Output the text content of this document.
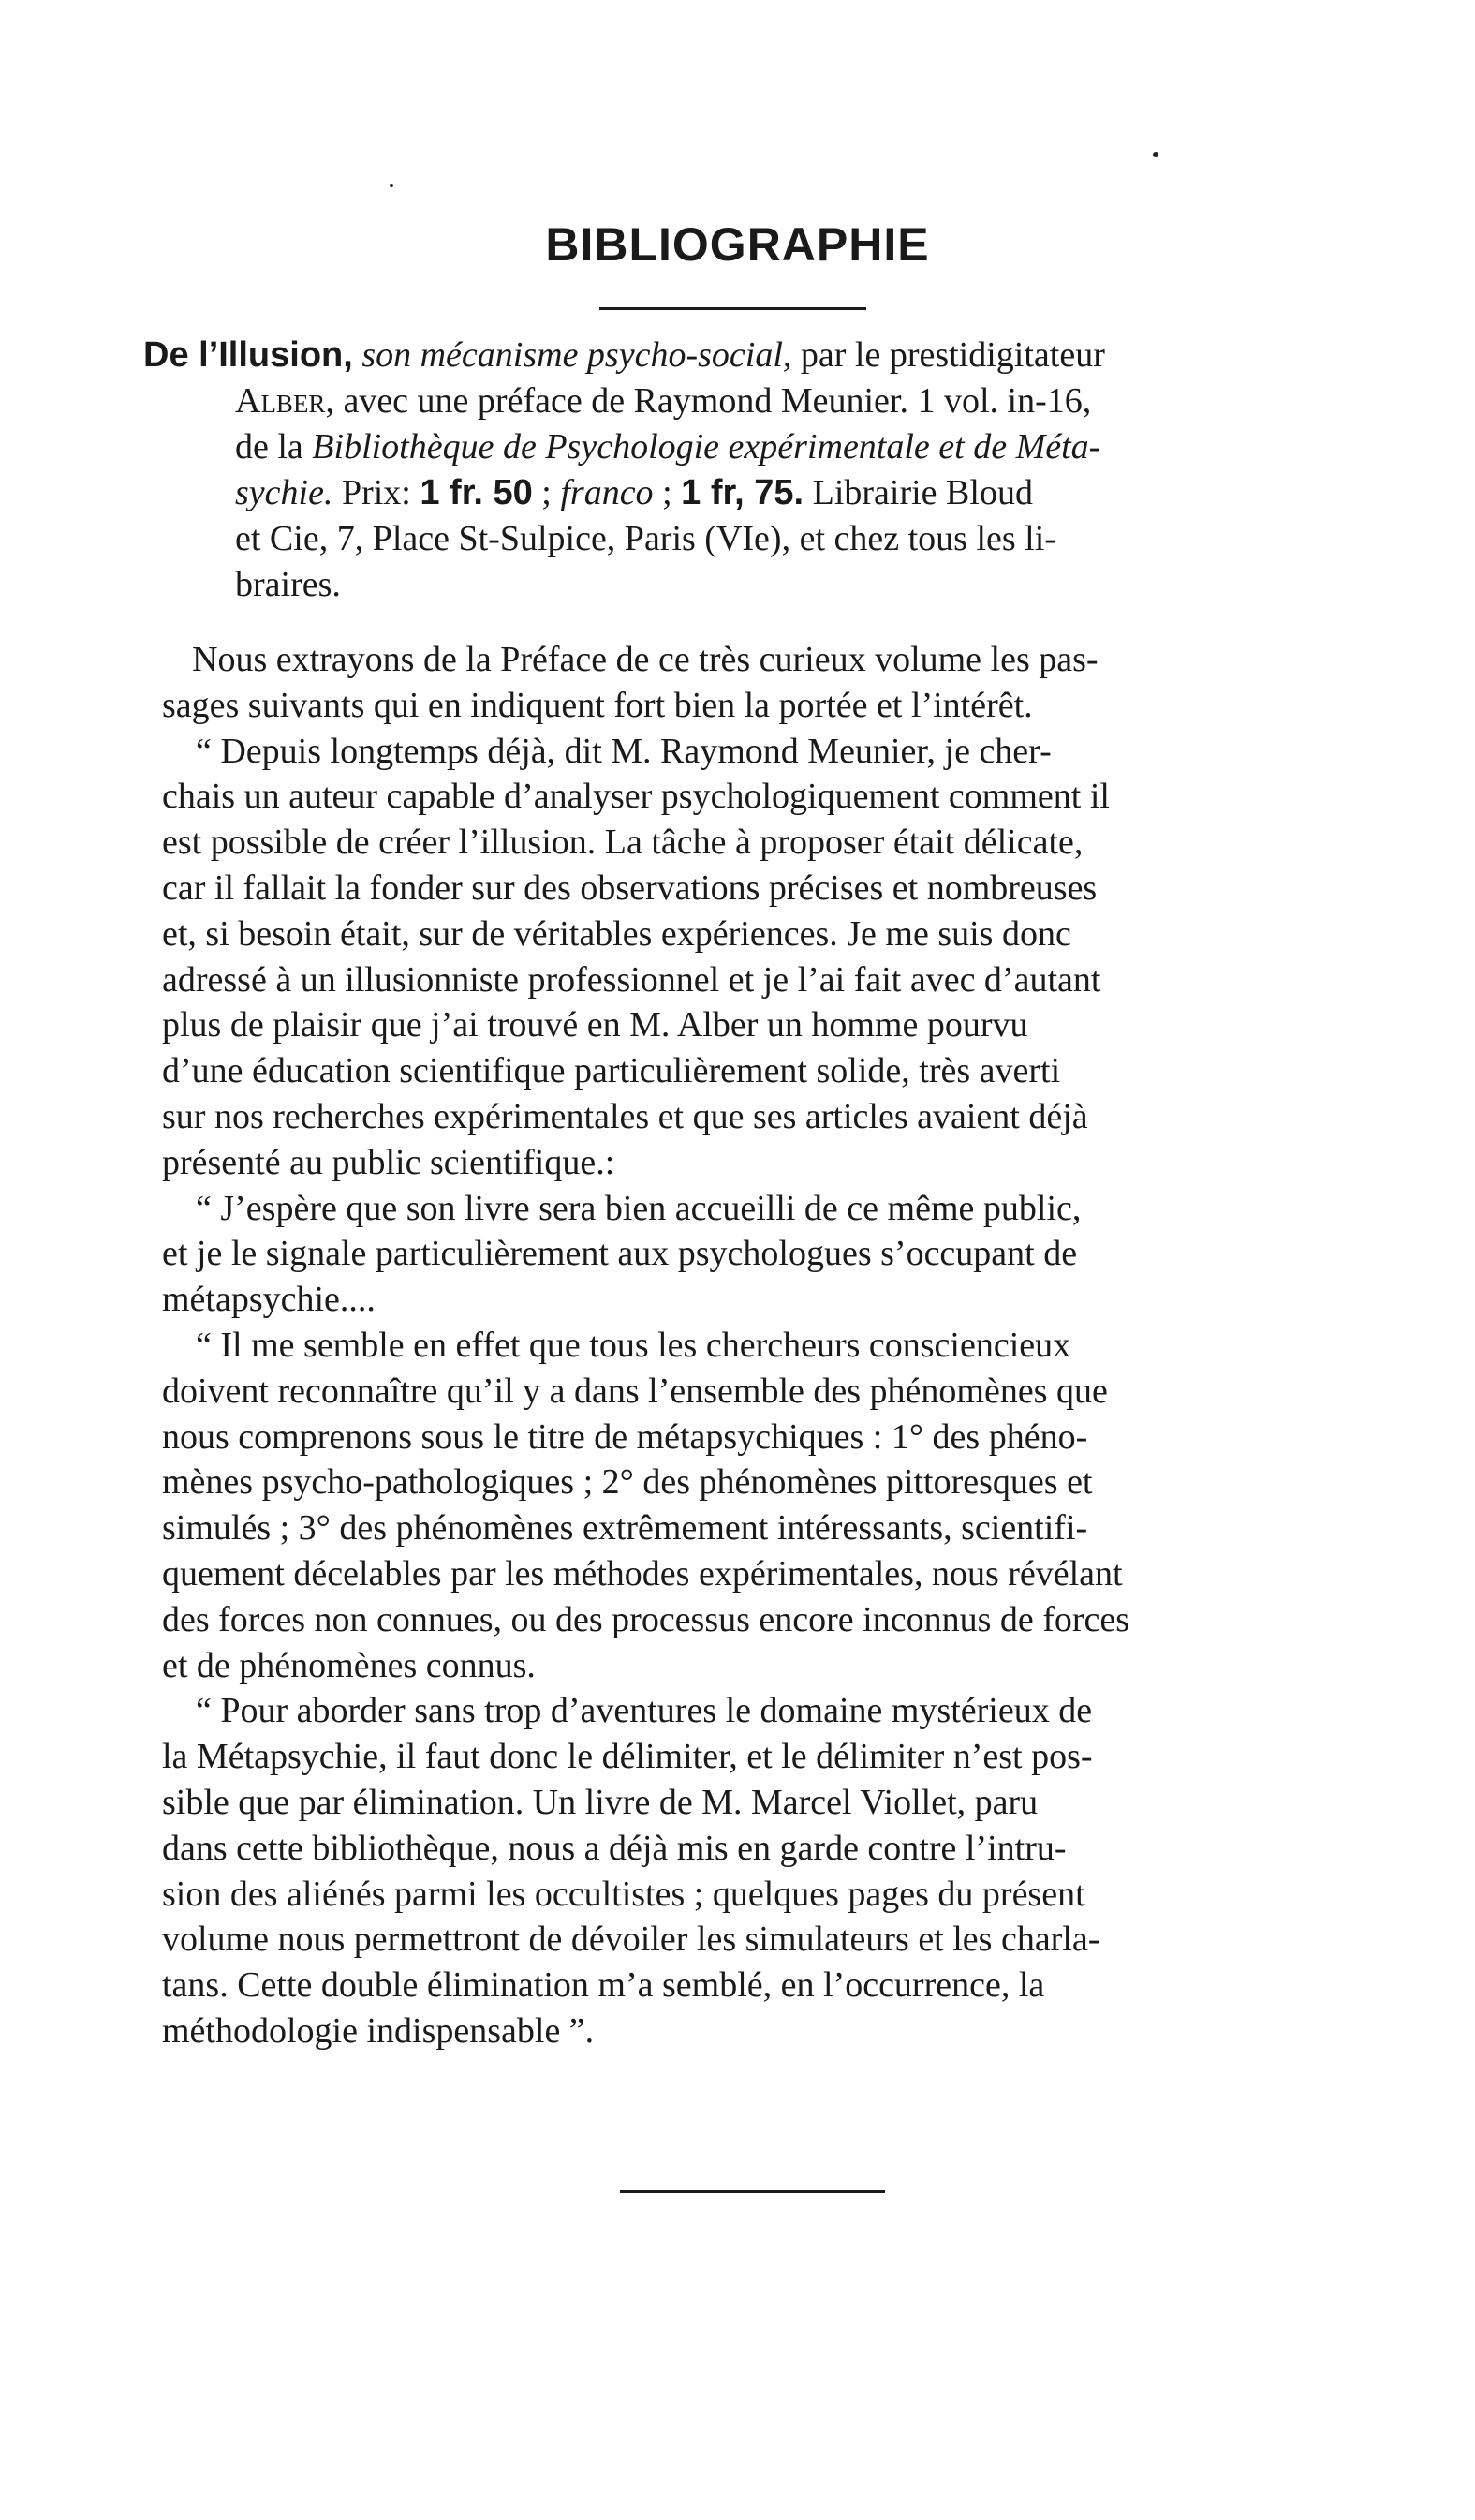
BIBLIOGRAPHIE
De l’Illusion, son mécanisme psycho-social, par le prestidigitateur
Alber, avec une préface de Raymond Meunier. 1 vol. in-16,
de la Bibliothèque de Psychologie expérimentale et de Méta-
sychie. Prix: 1 fr. 50 ; franco ; 1 fr, 75. Librairie Bloud
et Cie, 7, Place St-Sulpice, Paris (VIe), et chez tous les li-
braires.
Nous extrayons de la Préface de ce très curieux volume les pas-
sages suivants qui en indiquent fort bien la portée et l’intérêt.
“ Depuis longtemps déjà, dit M. Raymond Meunier, je cher-
chais un auteur capable d’analyser psychologiquement comment il
est possible de créer l’illusion. La tâche à proposer était délicate,
car il fallait la fonder sur des observations précises et nombreuses
et, si besoin était, sur de véritables expériences. Je me suis donc
adressé à un illusionniste professionnel et je l’ai fait avec d’autant
plus de plaisir que j’ai trouvé en M. Alber un homme pourvu
d’une éducation scientifique particulièrement solide, très averti
sur nos recherches expérimentales et que ses articles avaient déjà
présenté au public scientifique.:
“ J’espère que son livre sera bien accueilli de ce même public,
et je le signale particulièrement aux psychologues s’occupant de
métapsychie....
“ Il me semble en effet que tous les chercheurs consciencieux
doivent reconnaître qu’il y a dans l’ensemble des phénomènes que
nous comprenons sous le titre de métapsychiques : 1° des phéno-
mènes psycho-pathologiques ; 2° des phénomènes pittoresques et
simulés ; 3° des phénomènes extrêmement intéressants, scientifi-
quement décelables par les méthodes expérimentales, nous révélant
des forces non connues, ou des processus encore inconnus de forces
et de phénomènes connus.
“ Pour aborder sans trop d’aventures le domaine mystérieux de
la Métapsychie, il faut donc le délimiter, et le délimiter n’est pos-
sible que par élimination. Un livre de M. Marcel Viollet, paru
dans cette bibliothèque, nous a déjà mis en garde contre l’intru-
sion des aliénés parmi les occultistes ; quelques pages du présent
volume nous permettront de dévoiler les simulateurs et les charla-
tans. Cette double élimination m’a semblé, en l’occurrence, la
méthodologie indispensable ”.
